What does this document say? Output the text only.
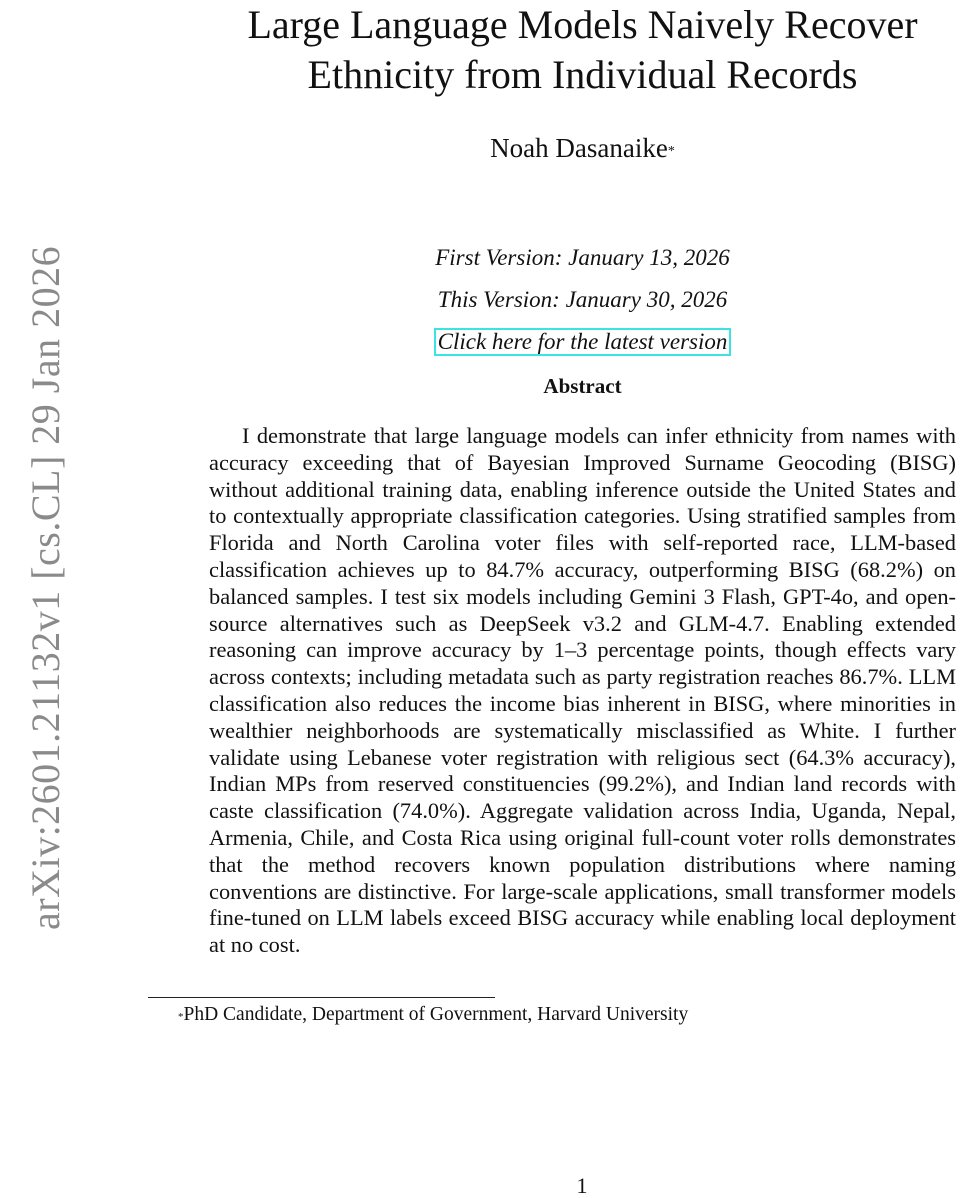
arXiv:2601.21132v1 [cs.CL] 29 Jan 2026
Large Language Models Naively Recover
Ethnicity from Individual Records
Noah Dasanaike*
First Version: January 13, 2026
This Version: January 30, 2026
Click here for the latest version
Abstract

I demonstrate that large language models can infer ethnicity from names with accuracy exceeding that of Bayesian Improved Surname Geocoding (BISG) without additional training data, enabling inference outside the United States and to contextually appropriate classification categories. Using stratified samples from Florida and North Carolina voter files with self-reported race, LLM-based classification achieves up to 84.7% accuracy, outperforming BISG (68.2%) on balanced samples. I test six models including Gemini 3 Flash, GPT-4o, and open-source alternatives such as DeepSeek v3.2 and GLM-4.7. Enabling extended reasoning can improve accuracy by 1–3 percentage points, though effects vary across contexts; including metadata such as party registration reaches 86.7%. LLM classification also reduces the income bias inherent in BISG, where minorities in wealthier neighborhoods are systematically misclassified as White. I further validate using Lebanese voter registration with religious sect (64.3% accuracy), Indian MPs from reserved constituencies (99.2%), and Indian land records with caste classification (74.0%). Aggregate validation across India, Uganda, Nepal, Armenia, Chile, and Costa Rica using original full-count voter rolls demonstrates that the method recovers known population distributions where naming conventions are distinctive. For large-scale applications, small transformer models fine-tuned on LLM labels exceed BISG accuracy while enabling local deployment at no cost.

*PhD Candidate, Department of Government, Harvard University
1
